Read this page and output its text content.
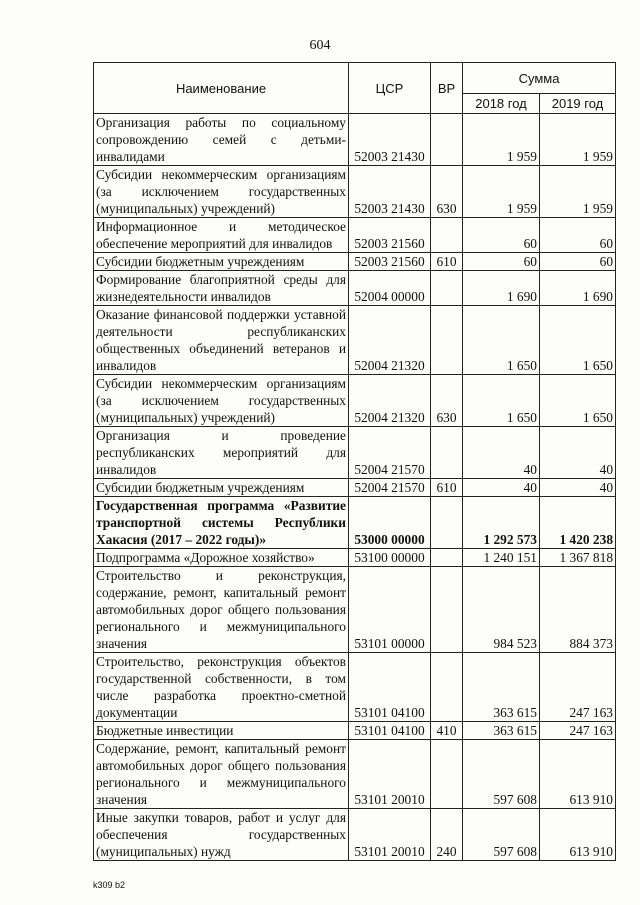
604
Наименование	ЦСР	ВР	Сумма	
			2018 год	2019 год
Организация работы по социальному сопровождению семей с детьми-инвалидами	52003 21430		1 959	1 959
Субсидии некоммерческим организациям (за исключением государственных (муниципальных) учреждений)	52003 21430	630	1 959	1 959
Информационное и методическое обеспечение мероприятий для инвалидов	52003 21560		60	60
Субсидии бюджетным учреждениям	52003 21560	610	60	60
Формирование благоприятной среды для жизнедеятельности инвалидов	52004 00000		1 690	1 690
Оказание финансовой поддержки уставной деятельности республиканских общественных объединений ветеранов и инвалидов	52004 21320		1 650	1 650
Субсидии некоммерческим организациям (за исключением государственных (муниципальных) учреждений)	52004 21320	630	1 650	1 650
Организация и проведение республиканских мероприятий для инвалидов	52004 21570		40	40
Субсидии бюджетным учреждениям	52004 21570	610	40	40
Государственная программа «Развитие транспортной системы Республики Хакасия (2017 – 2022 годы)»	53000 00000		1 292 573	1 420 238
Подпрограмма «Дорожное хозяйство»	53100 00000		1 240 151	1 367 818
Строительство и реконструкция, содержание, ремонт, капитальный ремонт автомобильных дорог общего пользования регионального и межмуниципального значения	53101 00000		984 523	884 373
Строительство, реконструкция объектов государственной собственности, в том числе разработка проектно-сметной документации	53101 04100		363 615	247 163
Бюджетные инвестиции	53101 04100	410	363 615	247 163
Содержание, ремонт, капитальный ремонт автомобильных дорог общего пользования регионального и межмуниципального значения	53101 20010		597 608	613 910
Иные закупки товаров, работ и услуг для обеспечения государственных (муниципальных) нужд	53101 20010	240	597 608	613 910
k309 b2
